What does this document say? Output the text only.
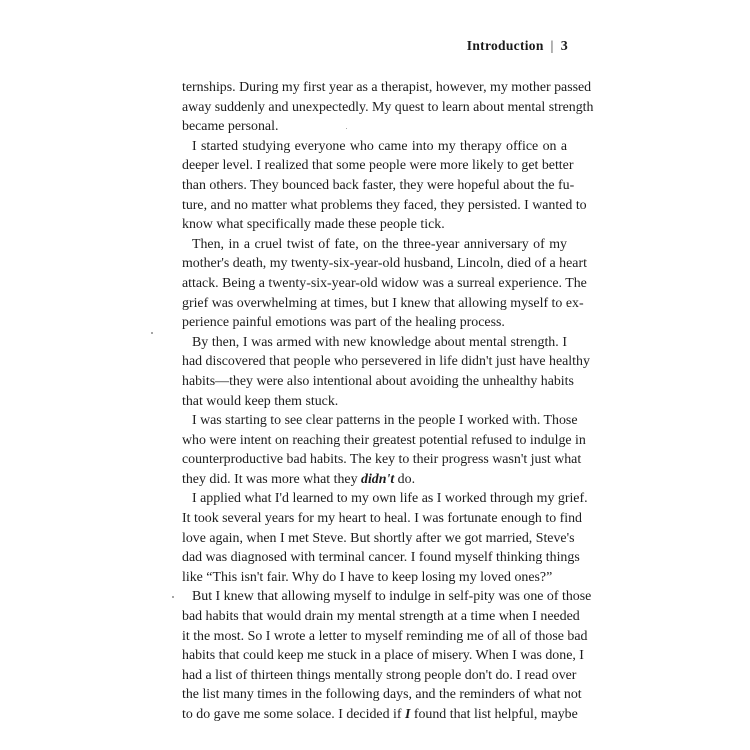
Introduction | 3
ternships. During my first year as a therapist, however, my mother passed
away suddenly and unexpectedly. My quest to learn about mental strength
became personal.
I started studying everyone who came into my therapy office on a
deeper level. I realized that some people were more likely to get better
than others. They bounced back faster, they were hopeful about the fu-
ture, and no matter what problems they faced, they persisted. I wanted to
know what specifically made these people tick.
Then, in a cruel twist of fate, on the three-year anniversary of my
mother's death, my twenty-six-year-old husband, Lincoln, died of a heart
attack. Being a twenty-six-year-old widow was a surreal experience. The
grief was overwhelming at times, but I knew that allowing myself to ex-
perience painful emotions was part of the healing process.
By then, I was armed with new knowledge about mental strength. I
had discovered that people who persevered in life didn't just have healthy
habits—they were also intentional about avoiding the unhealthy habits
that would keep them stuck.
I was starting to see clear patterns in the people I worked with. Those
who were intent on reaching their greatest potential refused to indulge in
counterproductive bad habits. The key to their progress wasn't just what
they did. It was more what they didn't do.
I applied what I'd learned to my own life as I worked through my grief.
It took several years for my heart to heal. I was fortunate enough to find
love again, when I met Steve. But shortly after we got married, Steve's
dad was diagnosed with terminal cancer. I found myself thinking things
like “This isn't fair. Why do I have to keep losing my loved ones?”
But I knew that allowing myself to indulge in self-pity was one of those
bad habits that would drain my mental strength at a time when I needed
it the most. So I wrote a letter to myself reminding me of all of those bad
habits that could keep me stuck in a place of misery. When I was done, I
had a list of thirteen things mentally strong people don't do. I read over
the list many times in the following days, and the reminders of what not
to do gave me some solace. I decided if I found that list helpful, maybe
